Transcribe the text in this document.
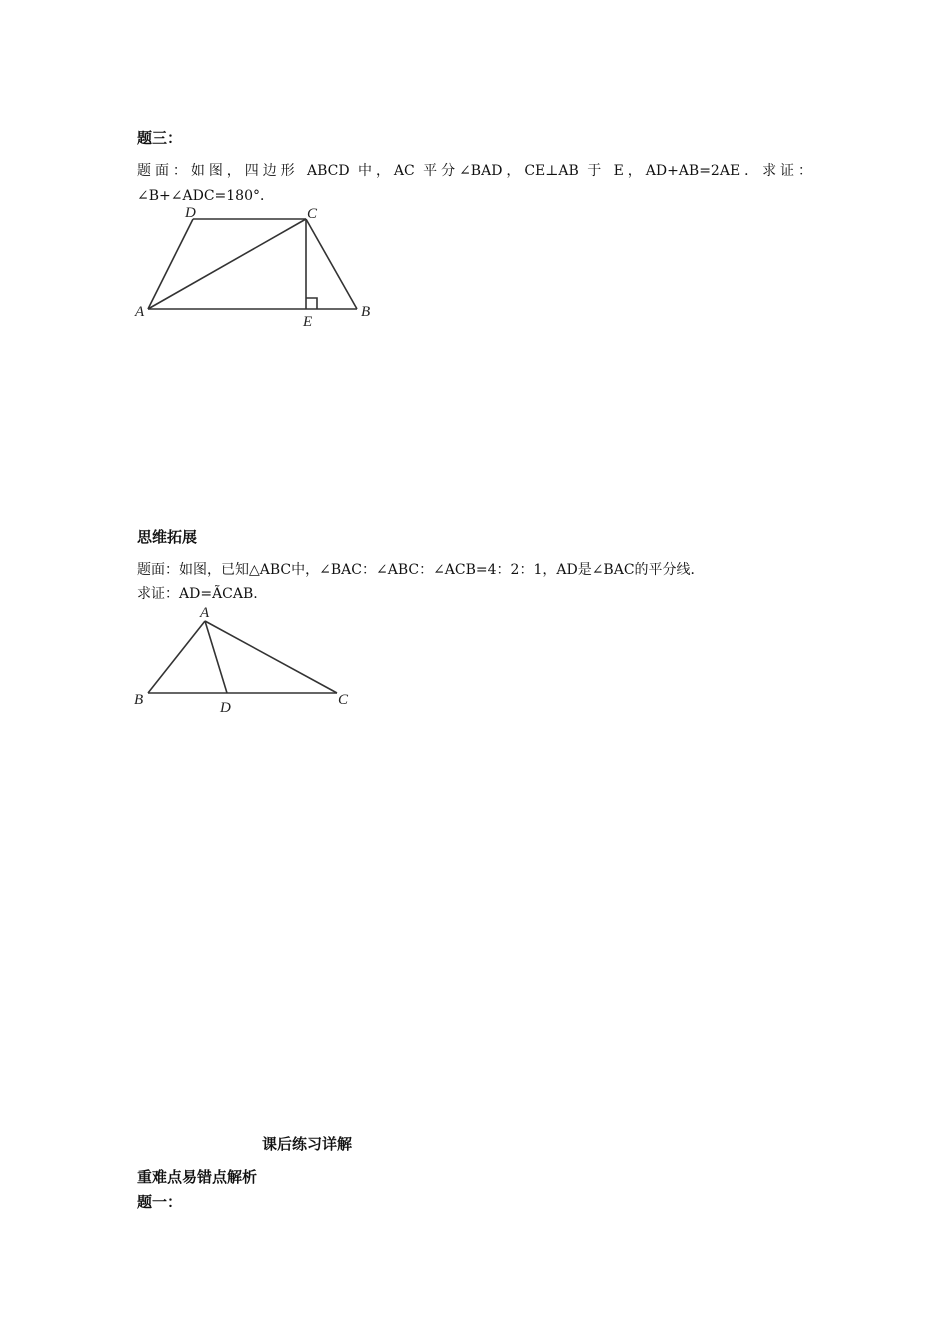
题三：
题面：如图，四边形 ABCD 中，AC 平分∠BAD，CE⊥AB 于 E，AD+AB=2AE．求证：
∠B+∠ADC=180°．
A	B
C
D
E
思维拓展
题面：如图，已知△ABC中，∠BAC：∠ABC：∠ACB=4：2：1，AD是∠BAC的平分线．
求证：AD=ÃCAB.
A
B	C
D
课后练习详解
重难点易错点解析
题一：
